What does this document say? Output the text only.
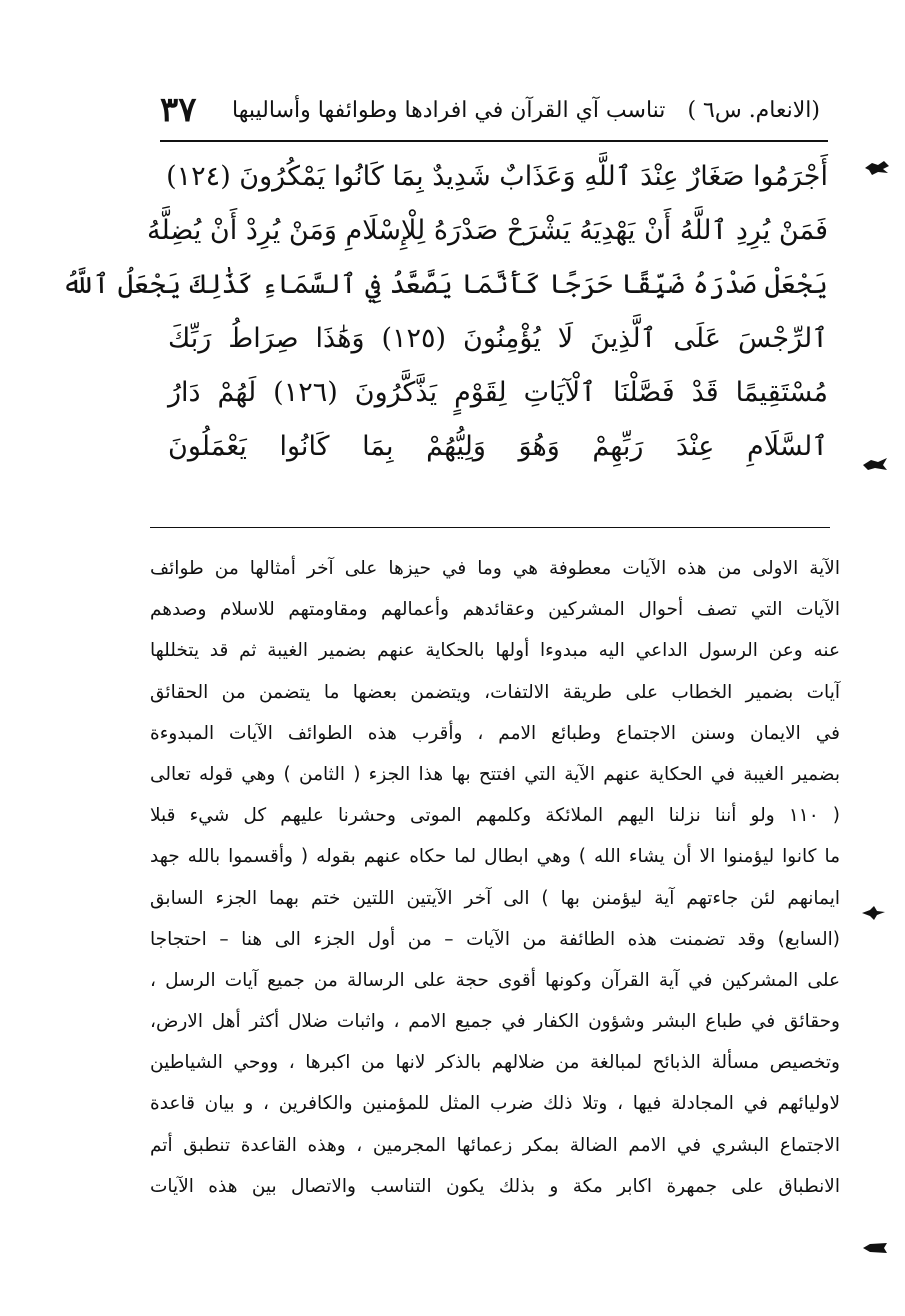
(الانعام. س٦ )
تناسب آي القرآن في افرادها وطوائفها وأساليبها
٣٧
أَجْرَمُوا صَغَارٌ عِنْدَ ٱللَّهِ وَعَذَابٌ شَدِيدٌ بِمَا كَانُوا يَمْكُرُونَ (١٢٤)
فَمَنْ يُرِدِ ٱللَّهُ أَنْ يَهْدِيَهُ يَشْرَحْ صَدْرَهُ لِلْإِسْلَامِ وَمَنْ يُرِدْ أَنْ يُضِلَّهُ
يَجْعَلْ صَدْرَهُ ضَيِّقًا حَرَجًا كَأَنَّمَا يَصَّعَّدُ فِي ٱلسَّمَاءِ كَذَٰلِكَ يَجْعَلُ ٱللَّهُ
ٱلرِّجْسَ عَلَى ٱلَّذِينَ لَا يُؤْمِنُونَ (١٢٥) وَهَٰذَا صِرَاطُ رَبِّكَ
مُسْتَقِيمًا قَدْ فَصَّلْنَا ٱلْآيَاتِ لِقَوْمٍ يَذَّكَّرُونَ (١٢٦) لَهُمْ دَارُ
ٱلسَّلَامِ عِنْدَ رَبِّهِمْ وَهُوَ وَلِيُّهُمْ بِمَا كَانُوا يَعْمَلُونَ
الآية الاولى من هذه الآيات معطوفة هي وما في حيزها على آخر أمثالها من طوائف
الآيات التي تصف أحوال المشركين وعقائدهم وأعمالهم ومقاومتهم للاسلام وصدهم
عنه وعن الرسول الداعي اليه مبدوءا أولها بالحكاية عنهم بضمير الغيبة ثم قد يتخللها
آيات بضمير الخطاب على طريقة الالتفات، ويتضمن بعضها ما يتضمن من الحقائق
في الايمان وسنن الاجتماع وطبائع الامم ، وأقرب هذه الطوائف الآيات المبدوءة
بضمير الغيبة في الحكاية عنهم الآية التي افتتح بها هذا الجزء ( الثامن ) وهي قوله تعالى
( ١١٠ ولو أننا نزلنا اليهم الملائكة وكلمهم الموتى وحشرنا عليهم كل شيء قبلا
ما كانوا ليؤمنوا الا أن يشاء الله ) وهي ابطال لما حكاه عنهم بقوله ( وأقسموا بالله جهد
ايمانهم لئن جاءتهم آية ليؤمنن بها ) الى آخر الآيتين اللتين ختم بهما الجزء السابق
(السابع) وقد تضمنت هذه الطائفة من الآيات – من أول الجزء الى هنا – احتجاجا
على المشركين في آية القرآن وكونها أقوى حجة على الرسالة من جميع آيات الرسل ،
وحقائق في طباع البشر وشؤون الكفار في جميع الامم ، واثبات ضلال أكثر أهل الارض،
وتخصيص مسألة الذبائح لمبالغة من ضلالهم بالذكر لانها من اكبرها ، ووحي الشياطين
لاوليائهم في المجادلة فيها ، وتلا ذلك ضرب المثل للمؤمنين والكافرين ، و بيان قاعدة
الاجتماع البشري في الامم الضالة بمكر زعمائها المجرمين ، وهذه القاعدة تنطبق أتم
الانطباق على جمهرة اكابر مكة و بذلك يكون التناسب والاتصال بين هذه الآيات
